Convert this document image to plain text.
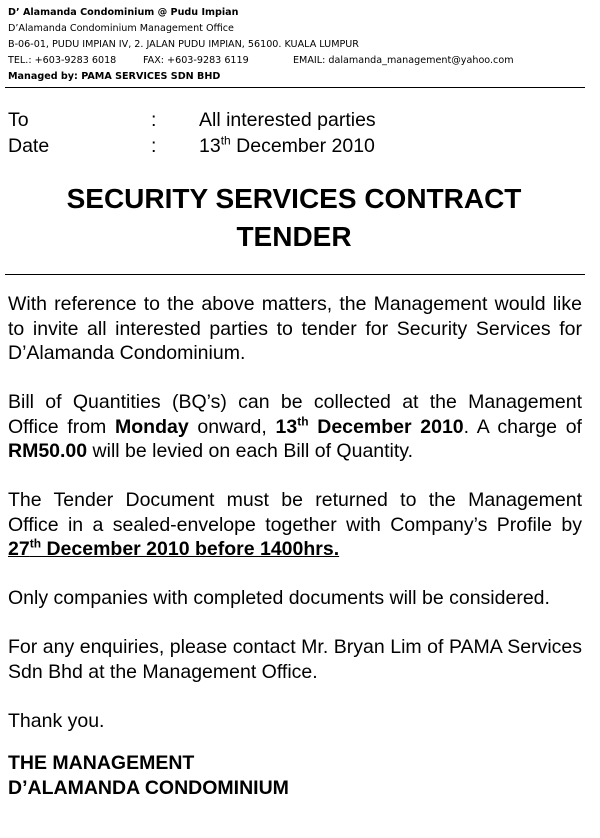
D’ Alamanda Condominium @ Pudu Impian
D’Alamanda Condominium Management Office
B-06-01, PUDU IMPIAN IV, 2. JALAN PUDU IMPIAN, 56100. KUALA LUMPUR
TEL.: +603-9283 6018	FAX: +603-9283 6119	EMAIL: dalamanda_management@yahoo.com
Managed by: PAMA SERVICES SDN BHD
To	:	All interested parties
Date	:	13th December 2010
SECURITY SERVICES CONTRACT
TENDER

With reference to the above matters, the Management would like to invite all interested parties to tender for Security Services for D’Alamanda Condominium.

Bill of Quantities (BQ’s) can be collected at the Management Office from Monday onward, 13th December 2010. A charge of RM50.00 will be levied on each Bill of Quantity.

The Tender Document must be returned to the Management Office in a sealed-envelope together with Company’s Profile by 27th December 2010 before 1400hrs.

Only companies with completed documents will be considered.

For any enquiries, please contact Mr. Bryan Lim of PAMA Services Sdn Bhd at the Management Office.

Thank you.

THE MANAGEMENT
D’ALAMANDA CONDOMINIUM
